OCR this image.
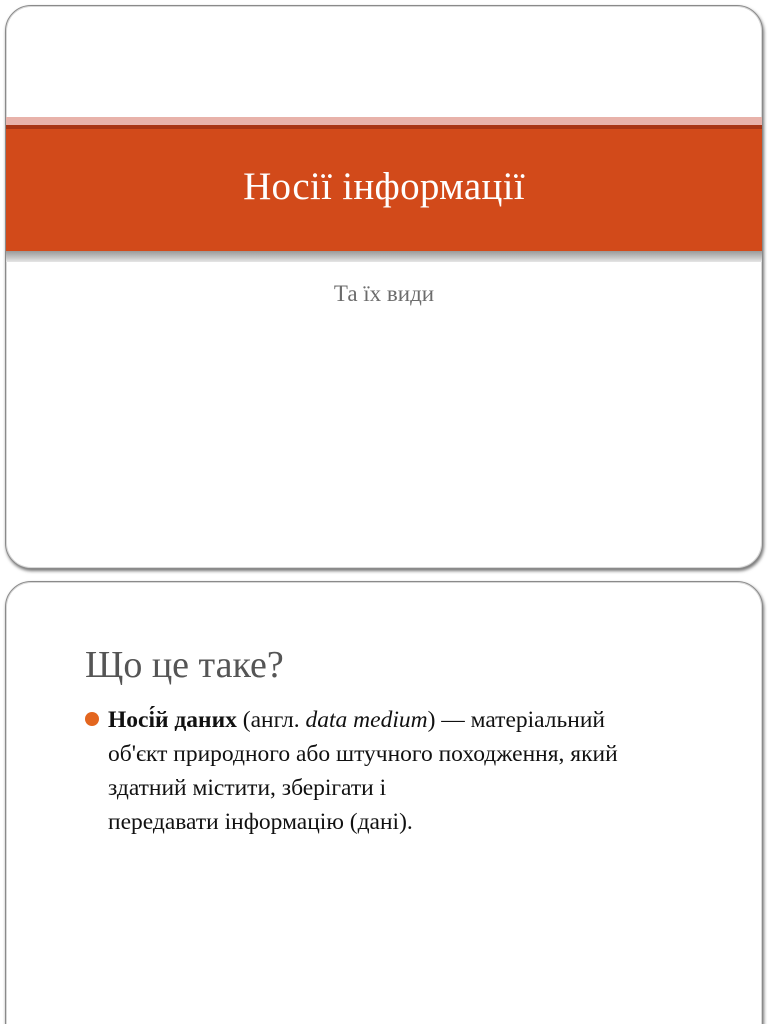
Носії інформації
Та їх види
Що це таке?
Носі́й даних (англ. data medium) — матеріальний
об'єкт природного або штучного походження, який
здатний містити, зберігати і
передавати інформацію (дані).
